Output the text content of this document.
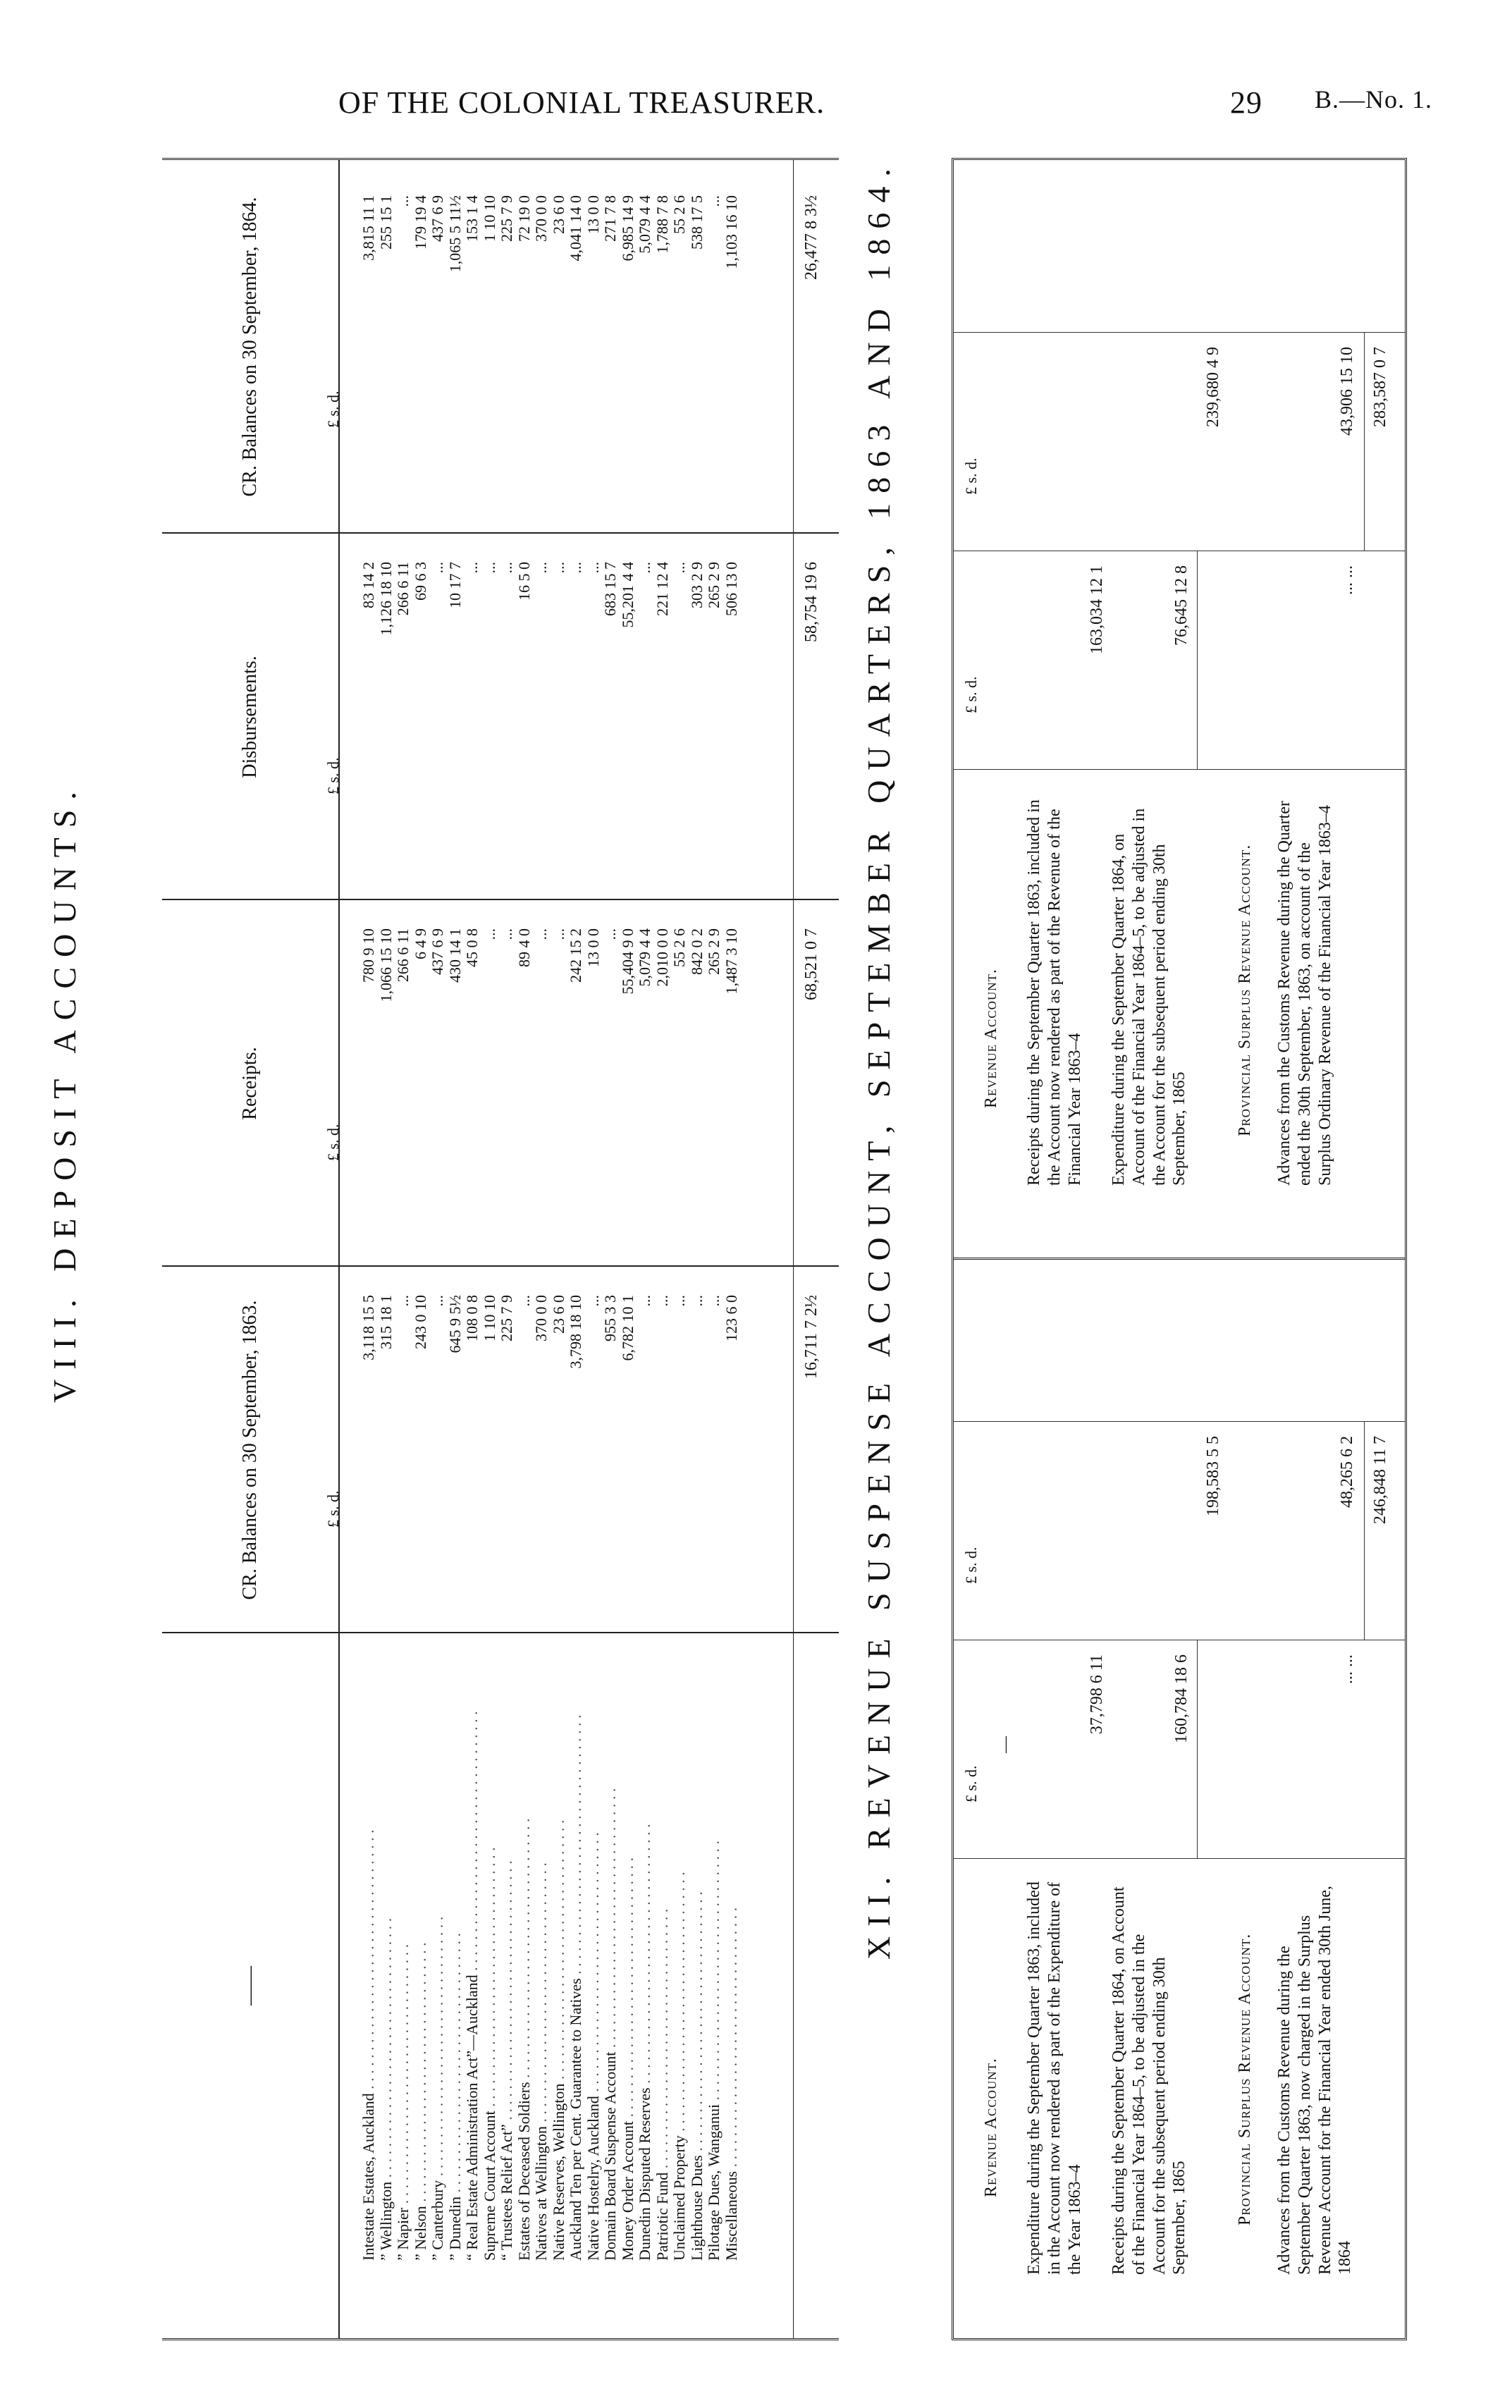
OF THE COLONIAL TREASURER.	29 B.—No. 1.
VIII. DEPOSIT ACCOUNTS.
——
CR. Balances on 30 September, 1863.
Receipts.
Disbursements.
CR. Balances on 30 September, 1864.
£ s. d.
£ s. d.
£ s. d.
£ s. d.
Intestate Estates, Auckland . .
3,118 15 5
780 9 10
83 14 2
3,815 11 1
” Wellington . .
315 18 1
1,066 15 10
1,126 18 10
255 15 1
” Napier . .
...
266 6 11
266 6 11
...
” Nelson . .
243 0 10
6 4 9
69 6 3
179 19 4
” Canterbury . .
...
437 6 9
...
437 6 9
” Dunedin . .
645 9 5½
430 14 1
10 17 7
1,065 5 11½
“ Real Estate Administration Act”—Auckland . .
108 0 8
45 0 8
...
153 1 4
Supreme Court Account . .
1 10 10
...
...
1 10 10
“ Trustees Relief Act” . .
225 7 9
...
...
225 7 9
Estates of Deceased Soldiers . .
...
89 4 0
16 5 0
72 19 0
Natives at Wellington . .
370 0 0
...
...
370 0 0
Native Reserves, Wellington . .
23 6 0
...
...
23 6 0
Auckland Ten per Cent. Guarantee to Natives . .
3,798 18 10
242 15 2
...
4,041 14 0
Native Hostelry, Auckland . .
...
13 0 0
...
13 0 0
Domain Board Suspense Account . .
955 3 3
...
683 15 7
271 7 8
Money Order Account . .
6,782 10 1
55,404 9 0
55,201 4 4
6,985 14 9
Dunedin Disputed Reserves . .
...
5,079 4 4
...
5,079 4 4
Patriotic Fund . .
...
2,010 0 0
221 12 4
1,788 7 8
Unclaimed Property . .
...
55 2 6
...
55 2 6
Lighthouse Dues . .
...
842 0 2
303 2 9
538 17 5
Pilotage Dues, Wanganui . .
...
265 2 9
265 2 9
...
Miscellaneous . .
123 6 0
1,487 3 10
506 13 0
1,103 16 10
16,711 7 2½
68,521 0 7
58,754 19 6
26,477 8 3½ XII. REVENUE SUSPENSE ACCOUNT, SEPTEMBER QUARTERS, 1863 AND 1864.	£ s. d.
£ s. d.
—
Revenue Account. Expenditure during the September Quarter 1863, included in the Account now rendered as part of the Expenditure of the Year 1863–4
37,798 6 11
Receipts during the September Quarter 1864, on Account of the Financial Year 1864–5, to be adjusted in the Account for the subsequent period ending 30th September, 1865
160,784 18 6
198,583 5 5
Provincial Surplus Revenue Account. Advances from the Customs Revenue during the September Quarter 1863, now charged in the Surplus Revenue Account for the Financial Year ended 30th June, 1864
... ...
48,265 6 2 246,848 11 7
£ s. d.
£ s. d.
Revenue Account. Receipts during the September Quarter 1863, included in the Account now rendered as part of the Revenue of the Financial Year 1863–4
163,034 12 1
Expenditure during the September Quarter 1864, on Account of the Financial Year 1864–5, to be adjusted in the Account for the subsequent period ending 30th September, 1865
76,645 12 8
239,680 4 9
Provincial Surplus Revenue Account. Advances from the Customs Revenue during the Quarter ended the 30th September, 1863, on account of the Surplus Ordinary Revenue of the Financial Year 1863–4
... ...
43,906 15 10 283,587 0 7
